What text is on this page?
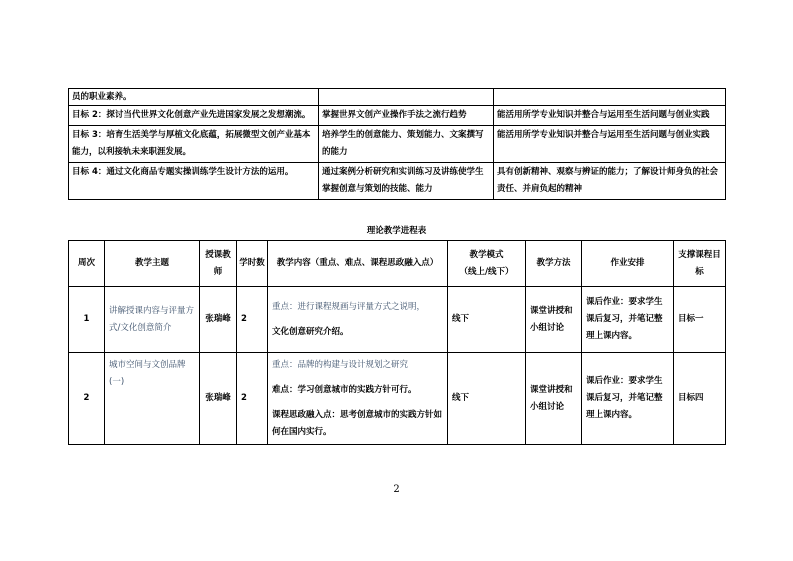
员的职业素养。		
目标 2：探讨当代世界文化创意产业先进国家发展之发想潮流。	掌握世界文创产业操作手法之流行趋势	能活用所学专业知识并整合与运用至生活问题与创业实践
目标 3：培育生活美学与厚植文化底蕴，拓展微型文创产业基本能力，以利接轨未来职涯发展。	培养学生的创意能力、策划能力、文案撰写的能力	能活用所学专业知识并整合与运用至生活问题与创业实践
目标 4：通过文化商品专题实操训练学生设计方法的运用。	通过案例分析研究和实训练习及讲练使学生掌握创意与策划的技能、能力	具有创新精神、观察与辨证的能力；了解设计师身负的社会责任、并肩负起的精神
理论教学进程表
周次	教学主题	授课教师	学时数	教学内容（重点、难点、课程思政融入点）	教学模式
（线上/线下）	教学方法	作业安排	支撑课程目标
1	讲解授课内容与评量方式/文化创意简介	张瑞峰	2	重点：进行课程规画与评量方式之说明，
文化创意研究介绍。	线下	课堂讲授和小组讨论	课后作业：要求学生课后复习，并笔记整理上课内容。	目标一
2	城市空间与文创品牌(一)	张瑞峰	2	重点：品牌的构建与设计规划之研究
难点：学习创意城市的实践方针可行。
课程思政融入点：思考创意城市的实践方针如何在国内实行。	线下	课堂讲授和小组讨论	课后作业：要求学生课后复习，并笔记整理上课内容。	目标四
2
